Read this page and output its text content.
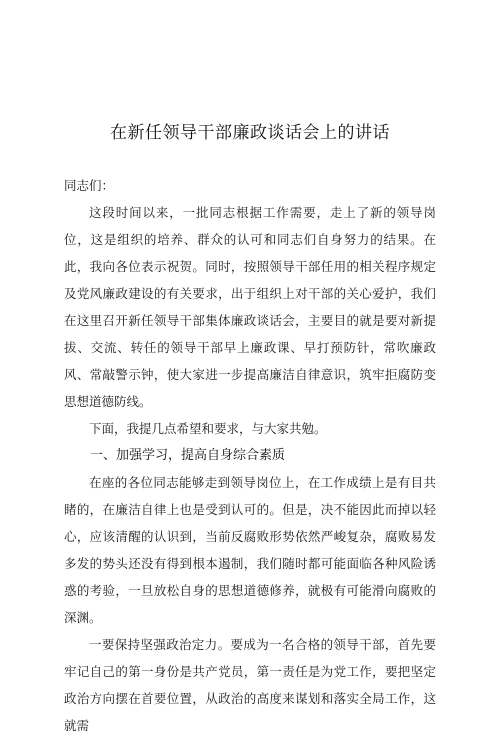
在新任领导干部廉政谈话会上的讲话

同志们：

这段时间以来，一批同志根据工作需要，走上了新的领导岗位，这是组织的培养、群众的认可和同志们自身努力的结果。在此，我向各位表示祝贺。同时，按照领导干部任用的相关程序规定及党风廉政建设的有关要求，出于组织上对干部的关心爱护，我们在这里召开新任领导干部集体廉政谈话会，主要目的就是要对新提拔、交流、转任的领导干部早上廉政课、早打预防针，常吹廉政风、常敲警示钟，使大家进一步提高廉洁自律意识，筑牢拒腐防变思想道德防线。

下面，我提几点希望和要求，与大家共勉。

一、加强学习，提高自身综合素质

在座的各位同志能够走到领导岗位上，在工作成绩上是有目共睹的，在廉洁自律上也是受到认可的。但是，决不能因此而掉以轻心，应该清醒的认识到，当前反腐败形势依然严峻复杂，腐败易发多发的势头还没有得到根本遏制，我们随时都可能面临各种风险诱惑的考验，一旦放松自身的思想道德修养，就极有可能滑向腐败的深渊。

一要保持坚强政治定力。要成为一名合格的领导干部，首先要牢记自己的第一身份是共产党员，第一责任是为党工作，要把坚定政治方向摆在首要位置，从政治的高度来谋划和落实全局工作，这就需
